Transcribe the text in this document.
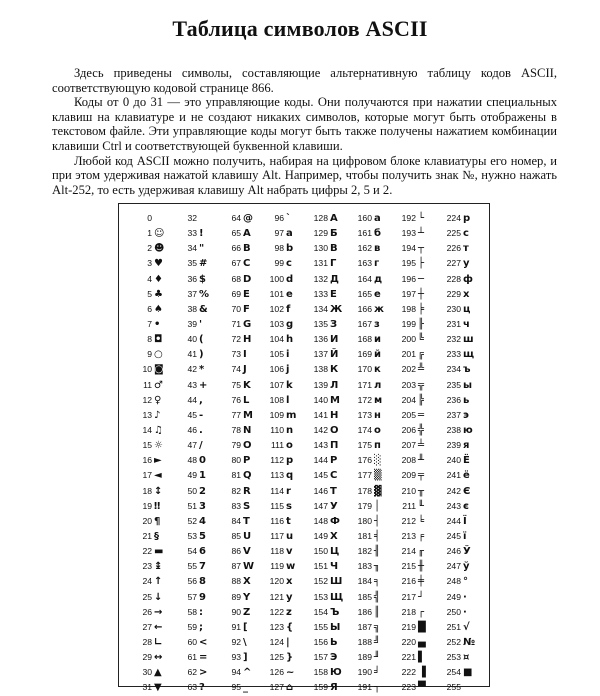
Таблица символов ASCII

Здесь приведены символы, составляющие альтернативную таблицу кодов ASCII, соответствующую кодовой странице 866.

Коды от 0 до 31 — это управляющие коды. Они получаются при нажатии специальных клавиш на клавиатуре и не создают никаких символов, которые могут быть отображены в текстовом файле. Эти управляющие коды могут быть также получены нажатием комбинации клавиши Ctrl и соответствующей буквенной клавиши.

Любой код ASCII можно получить, набирая на цифровом блоке клавиатуры его номер, и при этом удерживая нажатой клавишу Alt. Например, чтобы получить знак №, нужно нажать Alt-252, то есть удерживая клавишу Alt набрать цифры 2, 5 и 2.

0
1 ☺
2 ☻
3 ♥
4 ♦
5 ♣
6 ♠
7 •
8 ◘
9 ○
10 ◙
11 ♂
12 ♀
13 ♪
14 ♫
15 ☼
16 ►
17 ◄
18 ↕
19 ‼
20 ¶
21 §
22 ▬
23 ↨
24 ↑
25 ↓
26 →
27 ←
28 ∟
29 ↔
30 ▲
31 ▼
32
33 !
34 "
35 #
36 $
37 %
38 &
39 '
40 (
41 )
42 *
43 +
44 ,
45 -
46 .
47 /
48 0
49 1
50 2
51 3
52 4
53 5
54 6
55 7
56 8
57 9
58 :
59 ;
60 <
61 =
62 >
63 ?
64 @
65 A
66 B
67 C
68 D
69 E
70 F
71 G
72 H
73 I
74 J
75 K
76 L
77 M
78 N
79 O
80 P
81 Q
82 R
83 S
84 T
85 U
86 V
87 W
88 X
89 Y
90 Z
91 [
92 \
93 ]
94 ^
95 _
96 `
97 a
98 b
99 c
100 d
101 e
102 f
103 g
104 h
105 i
106 j
107 k
108 l
109 m
110 n
111 o
112 p
113 q
114 r
115 s
116 t
117 u
118 v
119 w
120 x
121 y
122 z
123 {
124 |
125 }
126 ~
127 ⌂
128 А
129 Б
130 В
131 Г
132 Д
133 Е
134 Ж
135 З
136 И
137 Й
138 К
139 Л
140 М
141 Н
142 О
143 П
144 Р
145 С
146 Т
147 У
148 Ф
149 Х
150 Ц
151 Ч
152 Ш
153 Щ
154 Ъ
155 Ы
156 Ь
157 Э
158 Ю
159 Я
160 а
161 б
162 в
163 г
164 д
165 е
166 ж
167 з
168 и
169 й
170 к
171 л
172 м
173 н
174 о
175 п
176 ░
177 ▒
178 ▓
179 │
180 ┤
181 ╡
182 ╢
183 ╖
184 ╕
185 ╣
186 ║
187 ╗
188 ╝
189 ╜
190 ╛
191 ┐
192 └
193 ┴
194 ┬
195 ├
196 ─
197 ┼
198 ╞
199 ╟
200 ╚
201 ╔
202 ╩
203 ╦
204 ╠
205 ═
206 ╬
207 ╧
208 ╨
209 ╤
210 ╥
211 ╙
212 ╘
213 ╒
214 ╓
215 ╫
216 ╪
217 ┘
218 ┌
219 █
220 ▄
221 ▌
222 ▐
223 ▀
224 р
225 с
226 т
227 у
228 ф
229 х
230 ц
231 ч
232 ш
233 щ
234 ъ
235 ы
236 ь
237 э
238 ю
239 я
240 Ё
241 ё
242 Є
243 є
244 Ї
245 ї
246 Ў
247 ў
248 °
249 ∙
250 ·
251 √
252 №
253 ¤
254 ■
255
